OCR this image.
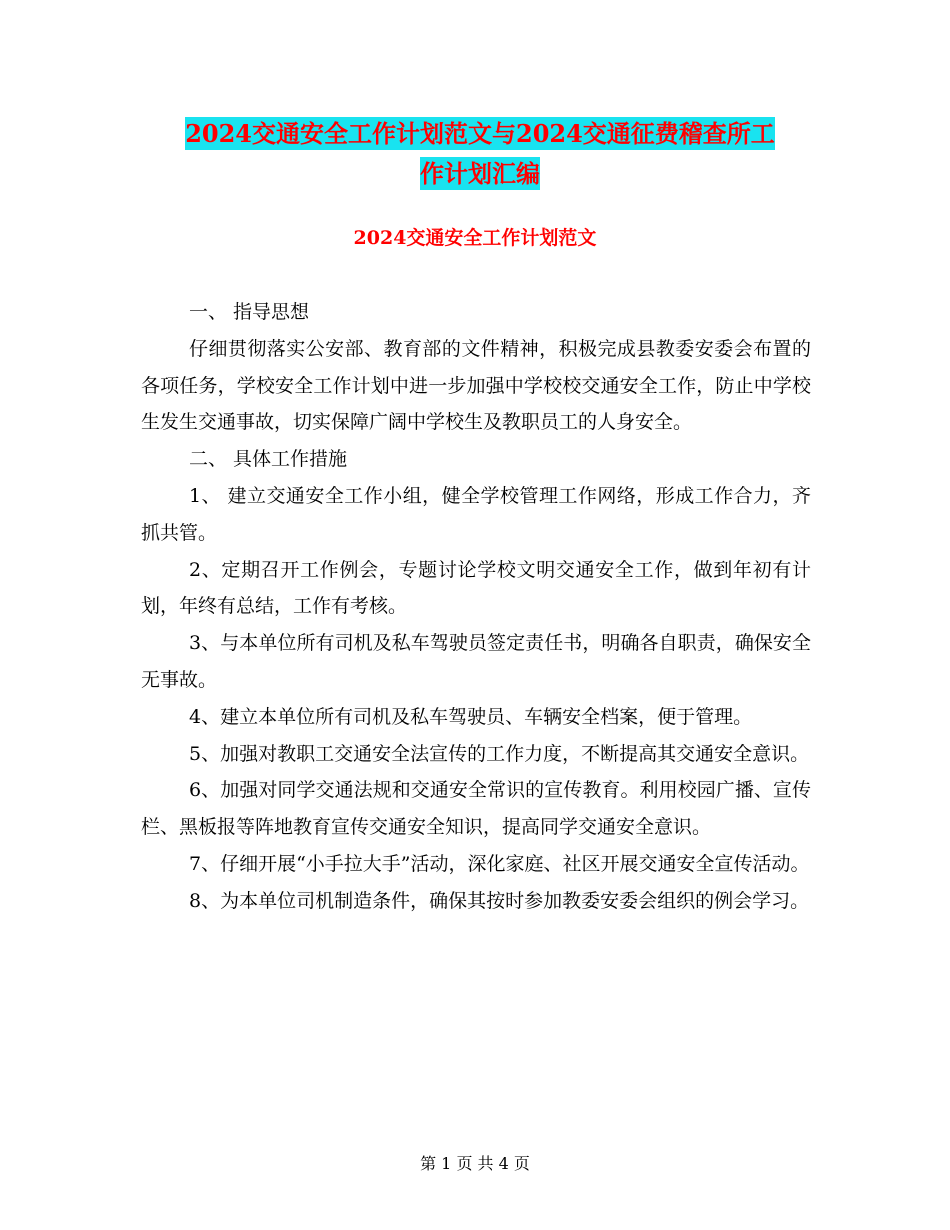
2024交通安全工作计划范文与2024交通征费稽查所工
作计划汇编
2024交通安全工作计划范文

一、 指导思想

仔细贯彻落实公安部、教育部的文件精神，积极完成县教委安委会布置的各项任务，学校安全工作计划中进一步加强中学校校交通安全工作，防止中学校生发生交通事故，切实保障广阔中学校生及教职员工的人身安全。

二、 具体工作措施

1、 建立交通安全工作小组，健全学校管理工作网络，形成工作合力，齐抓共管。

2、定期召开工作例会，专题讨论学校文明交通安全工作，做到年初有计划，年终有总结，工作有考核。

3、与本单位所有司机及私车驾驶员签定责任书，明确各自职责，确保安全无事故。

4、建立本单位所有司机及私车驾驶员、车辆安全档案，便于管理。

5、加强对教职工交通安全法宣传的工作力度，不断提高其交通安全意识。

6、加强对同学交通法规和交通安全常识的宣传教育。利用校园广播、宣传栏、黑板报等阵地教育宣传交通安全知识，提高同学交通安全意识。

7、仔细开展“小手拉大手”活动，深化家庭、社区开展交通安全宣传活动。

8、为本单位司机制造条件，确保其按时参加教委安委会组织的例会学习。

第 1 页 共 4 页
